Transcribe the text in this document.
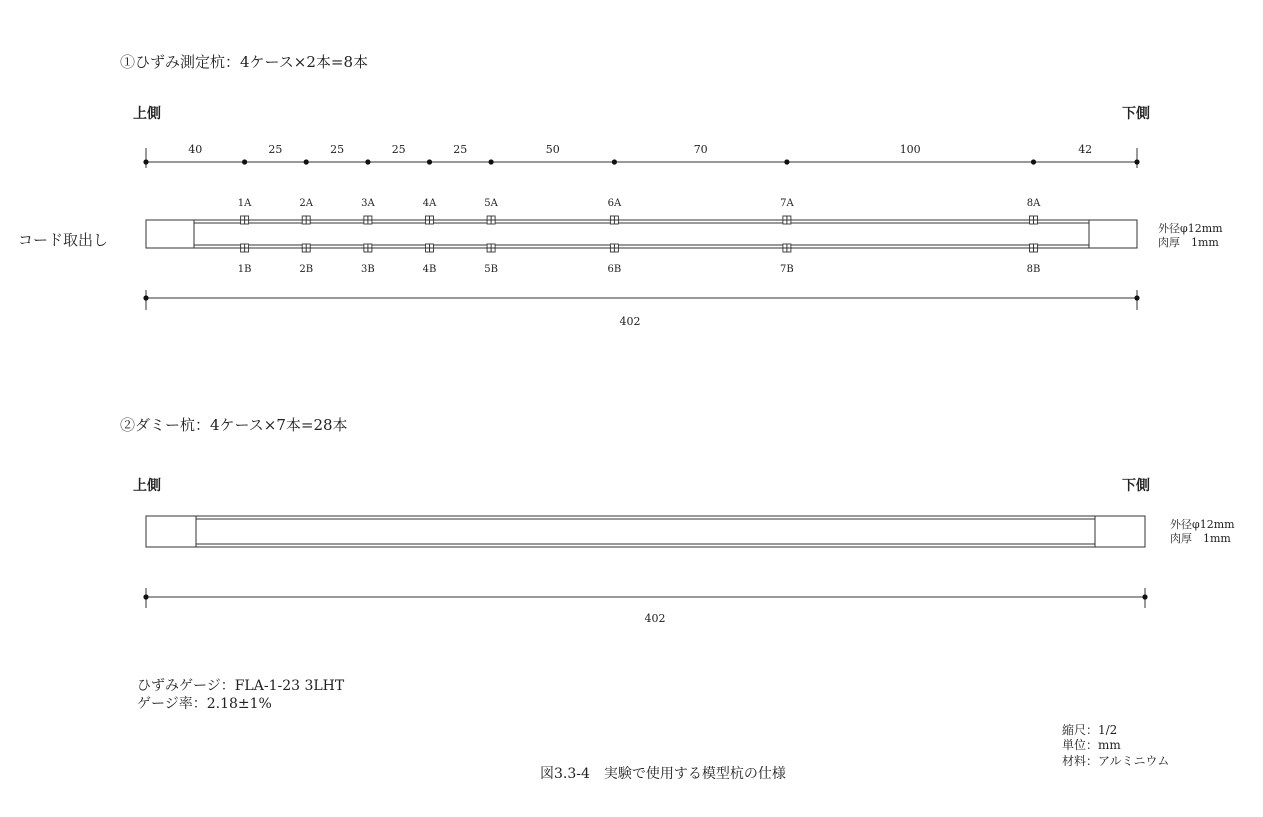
①ひずみ測定杭：4ケース×2本=8本
上側	下側
40	25	25	25	25	50	70	100	42
1A	2A	3A	4A	5A	6A	7A	8A
1B	2B	3B	4B	5B	6B	7B	8B
コード取出し
外径φ12mm
肉厚　1mm
402
②ダミー杭：4ケース×7本=28本
上側	下側
外径φ12mm
肉厚　1mm
402
ひずみゲージ：FLA-1-23 3LHT
ゲージ率：2.18±1%
縮尺：1/2
単位：mm
材料：アルミニウム
図3.3-4　実験で使用する模型杭の仕様
